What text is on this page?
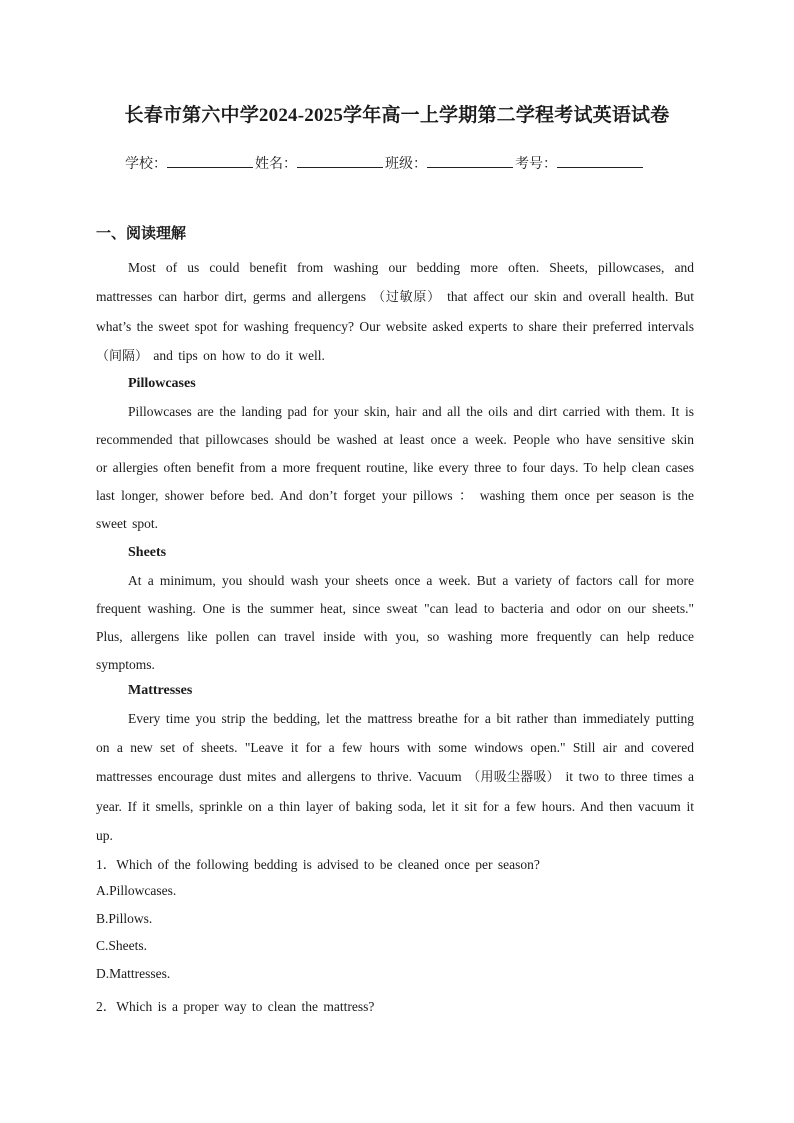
长春市第六中学2024-2025学年高一上学期第二学程考试英语试卷
学校：	姓名：	班级：	考号：
一、阅读理解
Most of us could benefit from washing our bedding more often. Sheets, pillowcases, and mattresses can harbor dirt, germs and allergens （过敏原） that affect our skin and overall health. But what’s the sweet spot for washing frequency? Our website asked experts to share their preferred intervals （间隔） and tips on how to do it well.
Pillowcases
Pillowcases are the landing pad for your skin, hair and all the oils and dirt carried with them. It is recommended that pillowcases should be washed at least once a week. People who have sensitive skin or allergies often benefit from a more frequent routine, like every three to four days. To help clean cases last longer, shower before bed. And don’t forget your pillows ： washing them once per season is the sweet spot.
Sheets
At a minimum, you should wash your sheets once a week. But a variety of factors call for more frequent washing. One is the summer heat, since sweat "can lead to bacteria and odor on our sheets." Plus, allergens like pollen can travel inside with you, so washing more frequently can help reduce symptoms.
Mattresses
Every time you strip the bedding, let the mattress breathe for a bit rather than immediately putting on a new set of sheets. "Leave it for a few hours with some windows open." Still air and covered mattresses encourage dust mites and allergens to thrive. Vacuum （用吸尘器吸） it two to three times a year. If it smells, sprinkle on a thin layer of baking soda, let it sit for a few hours. And then vacuum it up.
1．Which of the following bedding is advised to be cleaned once per season?
A.Pillowcases.
B.Pillows.
C.Sheets.
D.Mattresses.
2．Which is a proper way to clean the mattress?
